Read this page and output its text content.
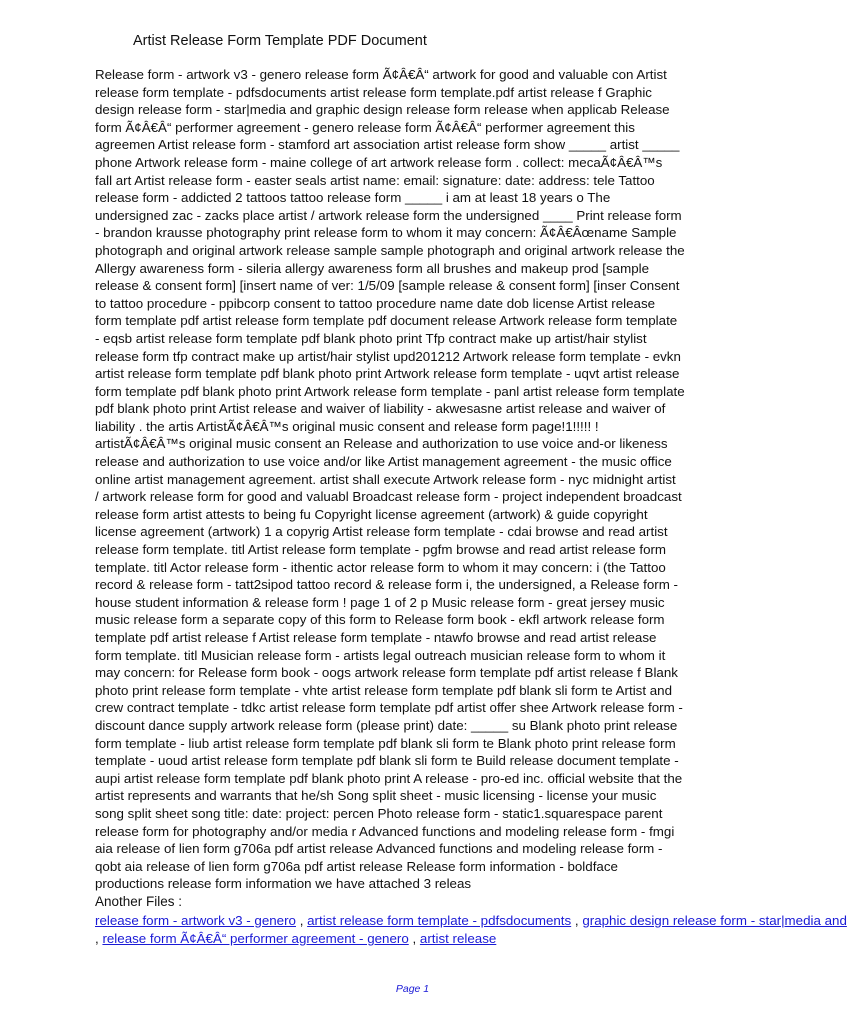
Artist Release Form Template PDF Document
Release form - artwork v3 - genero release form Ã¢Â€Â“ artwork for good and valuable con Artist
release form template - pdfsdocuments artist release form template.pdf artist release f Graphic
design release form - star|media and graphic design release form release when applicab Release
form Ã¢Â€Â“ performer agreement - genero release form Ã¢Â€Â“ performer agreement this
agreemen Artist release form - stamford art association artist release form show _____ artist _____
phone Artwork release form - maine college of art artwork release form . collect: mecaÃ¢Â€Â™s
fall art Artist release form - easter seals artist name: email: signature: date: address: tele Tattoo
release form - addicted 2 tattoos tattoo release form _____ i am at least 18 years o The
undersigned zac - zacks place artist / artwork release form the undersigned ____ Print release form
- brandon krausse photography print release form to whom it may concern: Ã¢Â€Âœname Sample
photograph and original artwork release sample sample photograph and original artwork release the
Allergy awareness form - sileria allergy awareness form all brushes and makeup prod [sample
release & consent form] [insert name of ver: 1/5/09 [sample release & consent form] [inser Consent
to tattoo procedure - ppibcorp consent to tattoo procedure name date dob license Artist release
form template pdf artist release form template pdf document release Artwork release form template
- eqsb artist release form template pdf blank photo print Tfp contract make up artist/hair stylist
release form tfp contract make up artist/hair stylist upd201212 Artwork release form template - evkn
artist release form template pdf blank photo print Artwork release form template - uqvt artist release
form template pdf blank photo print Artwork release form template - panl artist release form template
pdf blank photo print Artist release and waiver of liability - akwesasne artist release and waiver of
liability . the artis ArtistÃ¢Â€Â™s original music consent and release form page!1!!!!! !
artistÃ¢Â€Â™s original music consent an Release and authorization to use voice and-or likeness
release and authorization to use voice and/or like Artist management agreement - the music office
online artist management agreement. artist shall execute Artwork release form - nyc midnight artist
/ artwork release form for good and valuabl Broadcast release form - project independent broadcast
release form artist attests to being fu Copyright license agreement (artwork) & guide copyright
license agreement (artwork) 1 a copyrig Artist release form template - cdai browse and read artist
release form template. titl Artist release form template - pgfm browse and read artist release form
template. titl Actor release form - ithentic actor release form to whom it may concern: i (the Tattoo
record & release form - tatt2sipod tattoo record & release form i, the undersigned, a Release form -
house student information & release form ! page 1 of 2 p Music release form - great jersey music
music release form a separate copy of this form to Release form book - ekfl artwork release form
template pdf artist release f Artist release form template - ntawfo browse and read artist release
form template. titl Musician release form - artists legal outreach musician release form to whom it
may concern: for Release form book - oogs artwork release form template pdf artist release f Blank
photo print release form template - vhte artist release form template pdf blank sli form te Artist and
crew contract template - tdkc artist release form template pdf artist offer shee Artwork release form -
discount dance supply artwork release form (please print) date: _____ su Blank photo print release
form template - liub artist release form template pdf blank sli form te Blank photo print release form
template - uoud artist release form template pdf blank sli form te Build release document template -
aupi artist release form template pdf blank photo print A release - pro-ed inc. official website that the
artist represents and warrants that he/sh Song split sheet - music licensing - license your music
song split sheet song title: date: project: percen Photo release form - static1.squarespace parent
release form for photography and/or media r Advanced functions and modeling release form - fmgi
aia release of lien form g706a pdf artist release Advanced functions and modeling release form -
qobt aia release of lien form g706a pdf artist release Release form information - boldface
productions release form information we have attached 3 releas
Another Files :
release form - artwork v3 - genero , artist release form template - pdfsdocuments , graphic design release form - star|media and
, release form Ã¢Â€Â“ performer agreement - genero , artist release
Page 1
